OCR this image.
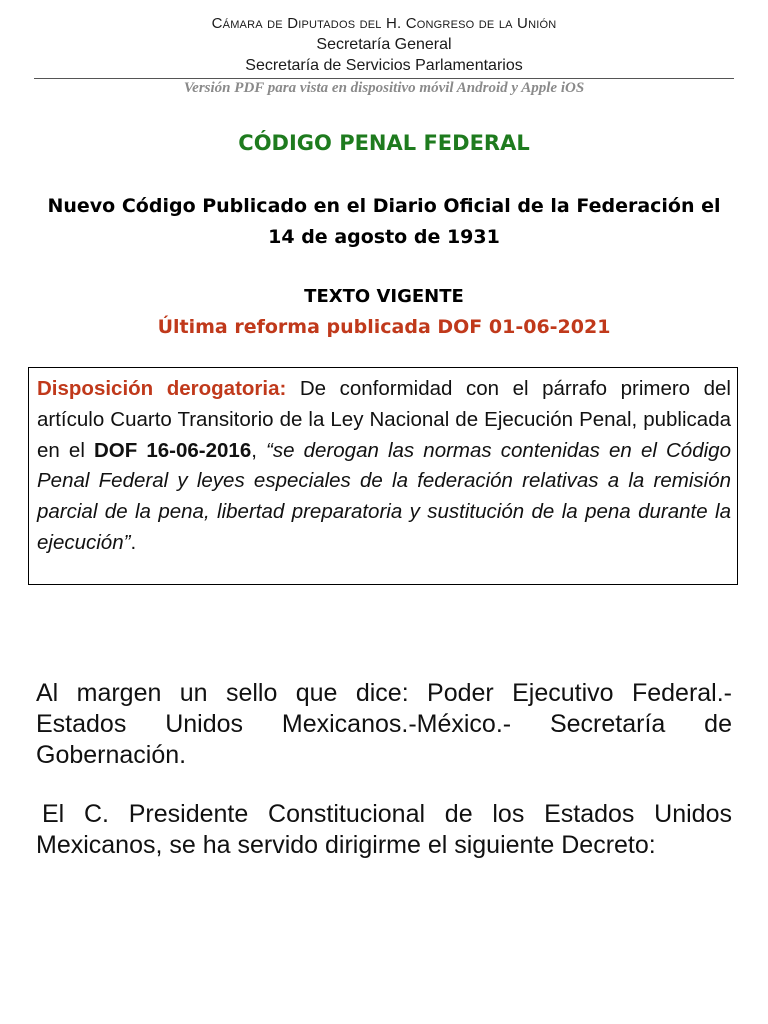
Cámara de Diputados del H. Congreso de la Unión
Secretaría General
Secretaría de Servicios Parlamentarios
Versión PDF para vista en dispositivo móvil Android y Apple iOS
CÓDIGO PENAL FEDERAL
Nuevo Código Publicado en el Diario Oficial de la Federación el 14 de agosto de 1931
TEXTO VIGENTE
Última reforma publicada DOF 01-06-2021
Disposición derogatoria: De conformidad con el párrafo primero del artículo Cuarto Transitorio de la Ley Nacional de Ejecución Penal, publicada en el DOF 16-06-2016, “se derogan las normas contenidas en el Código Penal Federal y leyes especiales de la federación relativas a la remisión parcial de la pena, libertad preparatoria y sustitución de la pena durante la ejecución”.
Al margen un sello que dice: Poder Ejecutivo Federal.- Estados Unidos Mexicanos.-México.- Secretaría de Gobernación.
El C. Presidente Constitucional de los Estados Unidos Mexicanos, se ha servido dirigirme el siguiente Decreto:
